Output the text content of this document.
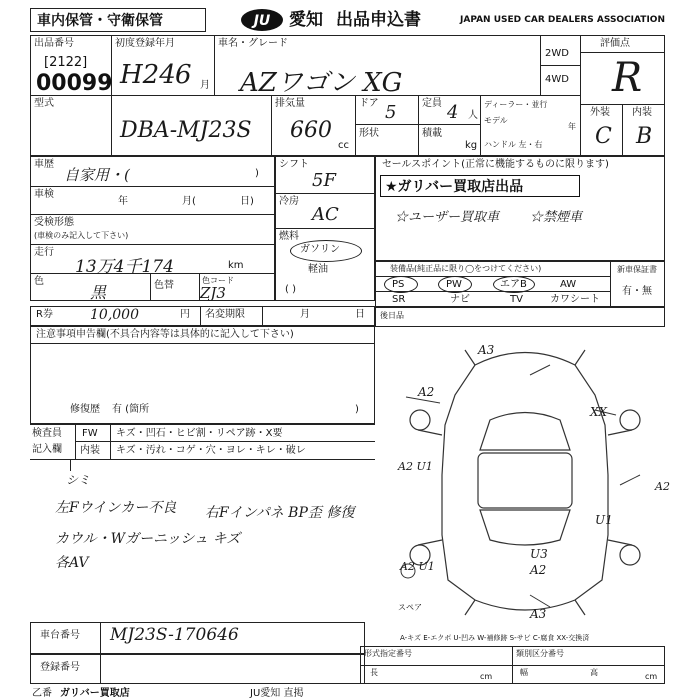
車内保管・守衛保管	JU 愛知 出品申込書	JAPAN USED CAR DEALERS ASSOCIATION
出品番号
[2122]
00099
初度登録年月
H24 6 月
車名・グレード
AZワゴン XG
2WD
4WD
評価点
R
型式
DBA-MJ23S
排気量
660
cc
ドア 5
形状
定員 4 人
積載
kg
ディーラー・並行
モデル
年
ハンドル 左・右
外装 内装
C B
車歴
自家用・(	)
車検
年	月(	日)
受検形態
(車検のみ記入して下さい)
走行
13万4千174	km
色
黒	色替	色コード
ZJ3
シフト
5F
冷房
AC
燃料
ガソリン
軽油
( )
セールスポイント(正常に機能するものに限ります)
★ガリバー買取店出品
☆ユーザー買取車 ☆禁煙車
装備品(純正品に限り◯をつけてください)
PS	PW	エアB	AW
SR	ナビ	TV	カワシート
新車保証書
有・無
R券	10,000	円 名変期限	月	日 後日品
注意事項申告欄(不具合内容等は具体的に記入して下さい)
修復歴 有 (箇所	)
検査員
記入欄
FW キズ・凹石・ヒビ割・リペア跡・X要
内装 キズ・汚れ・コゲ・穴・ヨレ・キレ・破レ
シミ
左Fウインカー不良 右Fインパネ BP歪 修復
カウル・Wガーニッシュ キズ
各AV
A3
A2
XX
A2 U1
A2
U1
U3
A2
A2 U1
A3
スペア
A-キズ E-エクボ U-凹み W-補修跡 S-サビ C-腐食 XX-交換済
車台番号 MJ23S-170646
登録番号
形式指定番号	類別区分番号
長	cm	幅	高	cm
乙番 ガリバー買取店	JU愛知 直掲
